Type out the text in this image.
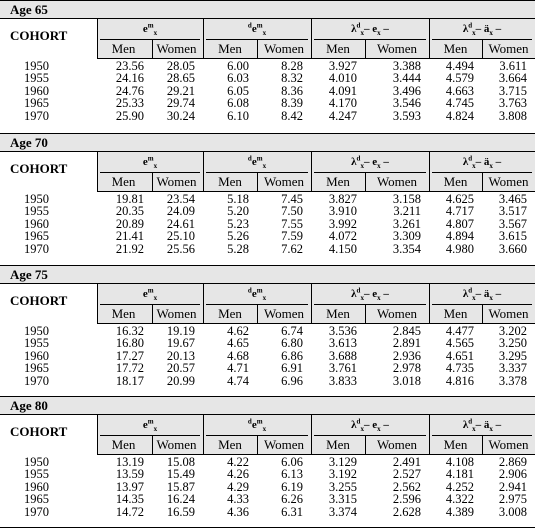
Age 65
COHORT	$e^m_x$
$^de^m_x$	$\lambda^d_x-$ $e_x$ –	$\lambda^d_x-$ $ä_x$ –
Men	Women	Men	Women	Men	Women	Men	Women
1950	23.56 28.05	6.00	8.28 3.927	3.388 4.494 3.611
1955	24.16 28.65	6.03	8.32 4.010	3.444 4.579 3.664
1960	24.76 29.21	6.05	8.36 4.091	3.496 4.663 3.715
1965	25.33 29.74	6.08	8.39 4.170	3.546 4.745 3.763
1970	25.90 30.24	6.10	8.42 4.247	3.593 4.824 3.808
Age 70
COHORT	$e^m_x$
$^de^m_x$	$\lambda^d_x-$ $e_x$ –	$\lambda^d_x-$ $ä_x$ –
Men	Women	Men	Women	Men	Women	Men	Women
1950	19.81 23.54	5.18	7.45 3.827	3.158 4.625 3.465
1955	20.35 24.09	5.20	7.50 3.910	3.211 4.717 3.517
1960	20.89 24.61	5.23	7.55 3.992	3.261 4.807 3.567
1965	21.41 25.10	5.26	7.59 4.072	3.309 4.894 3.615
1970	21.92 25.56	5.28	7.62 4.150	3.354 4.980 3.660
Age 75
COHORT	$e^m_x$
$^de^m_x$	$\lambda^d_x-$ $e_x$ –	$\lambda^d_x-$ $ä_x$ –
Men	Women	Men	Women	Men	Women	Men	Women
1950	16.32 19.19	4.62	6.74 3.536	2.845 4.477 3.202
1955	16.80 19.67	4.65	6.80 3.613	2.891 4.565 3.250
1960	17.27 20.13	4.68	6.86 3.688	2.936 4.651 3.295
1965	17.72 20.57	4.71	6.91 3.761	2.978 4.735 3.337
1970	18.17 20.99	4.74	6.96 3.833	3.018 4.816 3.378
Age 80
COHORT	$e^m_x$
$^de^m_x$	$\lambda^d_x-$ $e_x$ –	$\lambda^d_x-$ $ä_x$ –
Men	Women	Men	Women	Men	Women	Men	Women
1950	13.19 15.08	4.22	6.06 3.129	2.491 4.108 2.869
1955	13.59 15.49	4.26	6.13 3.192	2.527 4.181 2.906
1960	13.97 15.87	4.29	6.19 3.255	2.562 4.252 2.941
1965	14.35 16.24	4.33	6.26 3.315	2.596 4.322 2.975
1970	14.72 16.59	4.36	6.31 3.374	2.628 4.389 3.008
